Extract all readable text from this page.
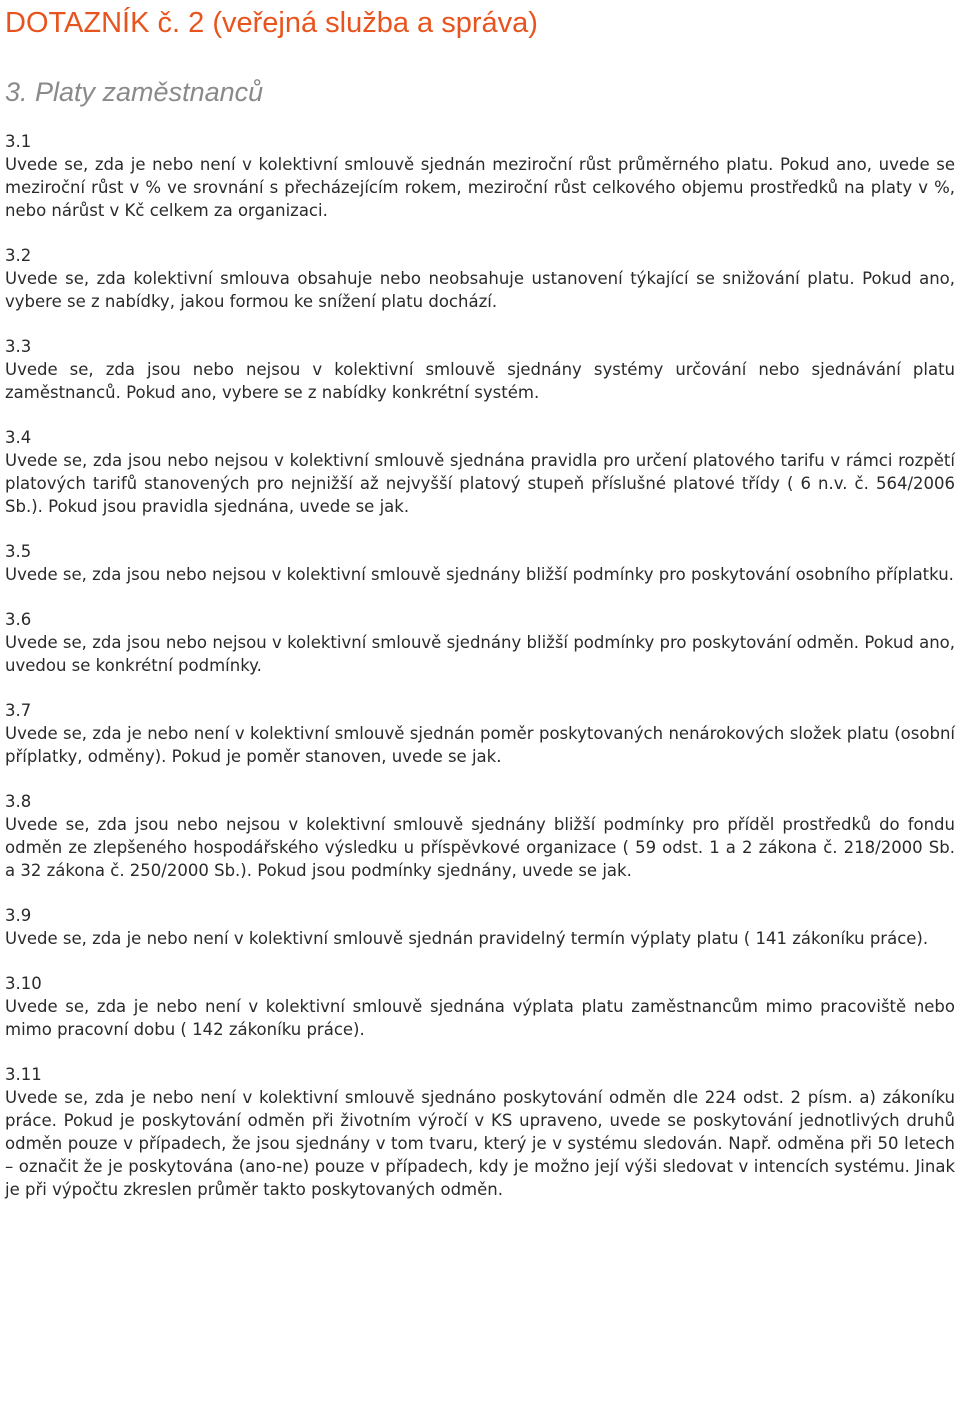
DOTAZNÍK č. 2 (veřejná služba a správa)
3. Platy zaměstnanců
3.1

Uvede se, zda je nebo není v kolektivní smlouvě sjednán meziroční růst průměrného platu. Pokud ano, uvede se meziroční růst v % ve srovnání s přecházejícím rokem, meziroční růst celkového objemu prostředků na platy v %, nebo nárůst v Kč celkem za organizaci.

3.2

Uvede se, zda kolektivní smlouva obsahuje nebo neobsahuje ustanovení týkající se snižování platu. Pokud ano, vybere se z nabídky, jakou formou ke snížení platu dochází.

3.3

Uvede se, zda jsou nebo nejsou v kolektivní smlouvě sjednány systémy určování nebo sjednávání platu zaměstnanců. Pokud ano, vybere se z nabídky konkrétní systém.

3.4

Uvede se, zda jsou nebo nejsou v kolektivní smlouvě sjednána pravidla pro určení platového tarifu v rámci rozpětí platových tarifů stanovených pro nejnižší až nejvyšší platový stupeň příslušné platové třídy ( 6 n.v. č. 564/2006 Sb.). Pokud jsou pravidla sjednána, uvede se jak.

3.5

Uvede se, zda jsou nebo nejsou v kolektivní smlouvě sjednány bližší podmínky pro poskytování osobního příplatku.

3.6

Uvede se, zda jsou nebo nejsou v kolektivní smlouvě sjednány bližší podmínky pro poskytování odměn. Pokud ano, uvedou se konkrétní podmínky.

3.7

Uvede se, zda je nebo není v kolektivní smlouvě sjednán poměr poskytovaných nenárokových složek platu (osobní příplatky, odměny). Pokud je poměr stanoven, uvede se jak.

3.8

Uvede se, zda jsou nebo nejsou v kolektivní smlouvě sjednány bližší podmínky pro příděl prostředků do fondu odměn ze zlepšeného hospodářského výsledku u příspěvkové organizace ( 59 odst. 1 a 2 zákona č. 218/2000 Sb. a 32 zákona č. 250/2000 Sb.). Pokud jsou podmínky sjednány, uvede se jak.

3.9

Uvede se, zda je nebo není v kolektivní smlouvě sjednán pravidelný termín výplaty platu ( 141 zákoníku práce).

3.10

Uvede se, zda je nebo není v kolektivní smlouvě sjednána výplata platu zaměstnancům mimo pracoviště nebo mimo pracovní dobu ( 142 zákoníku práce).

3.11

Uvede se, zda je nebo není v kolektivní smlouvě sjednáno poskytování odměn dle 224 odst. 2 písm. a) zákoníku práce. Pokud je poskytování odměn při životním výročí v KS upraveno, uvede se poskytování jednotlivých druhů odměn pouze v případech, že jsou sjednány v tom tvaru, který je v systému sledován. Např. odměna při 50 letech – označit že je poskytována (ano-ne) pouze v případech, kdy je možno její výši sledovat v intencích systému. Jinak je při výpočtu zkreslen průměr takto poskytovaných odměn.
